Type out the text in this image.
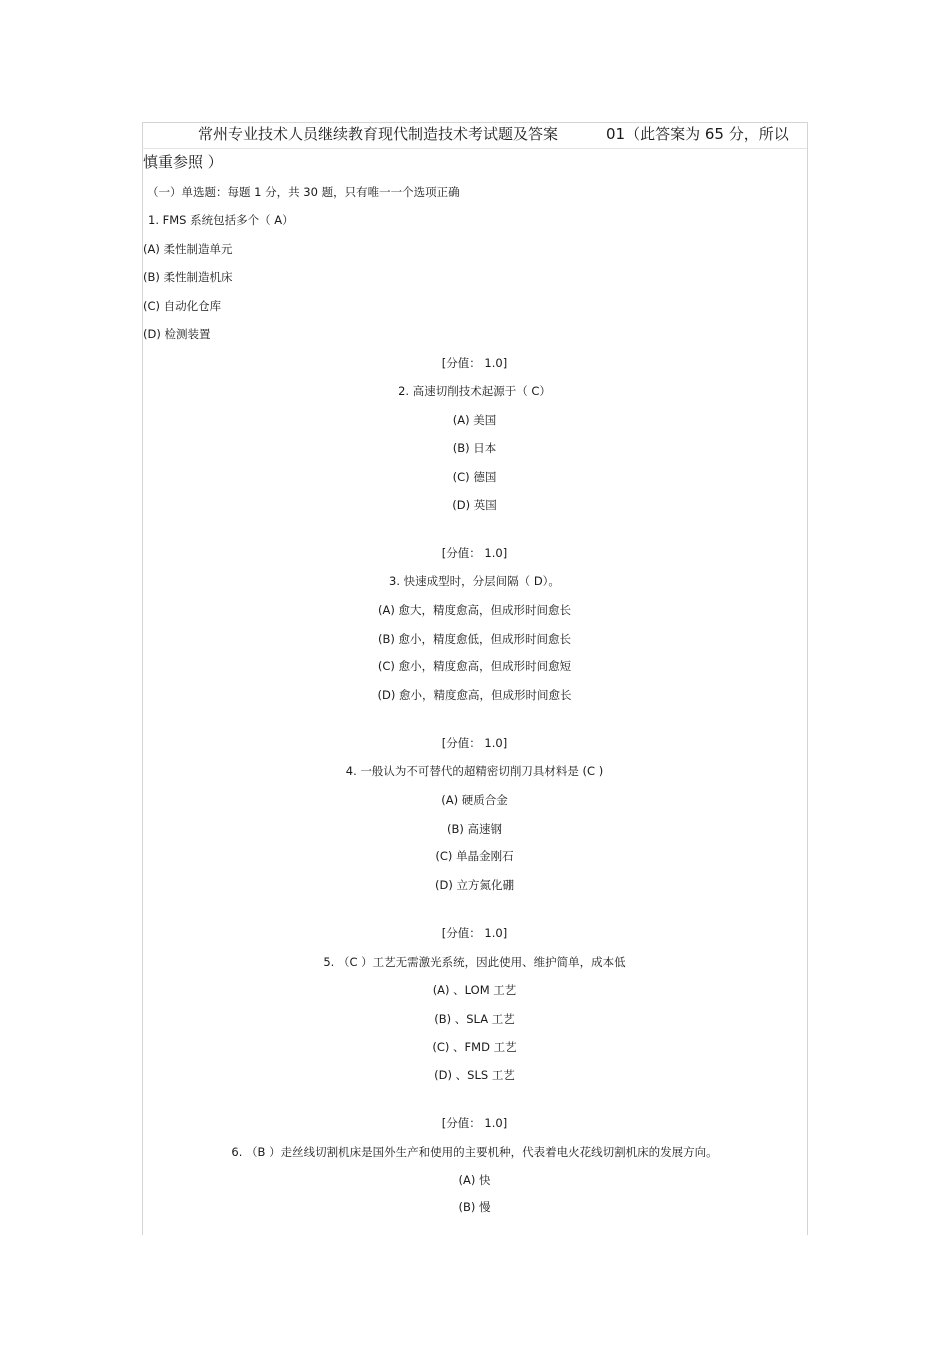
常州专业技术人员继续教育现代制造技术考试题及答案	01（此答案为 65 分，所以
慎重参照 ）
（一）单选题：每题 1 分，共 30 题，只有唯一一个选项正确
1. FMS 系统包括多个（ A）
(A) 柔性制造单元
(B) 柔性制造机床
(C) 自动化仓库
(D) 检测装置
[分值： 1.0]
2. 高速切削技术起源于（ C）
(A) 美国
(B) 日本
(C) 德国
(D) 英国
[分值： 1.0]
3. 快速成型时，分层间隔（ D）。
(A) 愈大，精度愈高，但成形时间愈长
(B) 愈小，精度愈低，但成形时间愈长
(C) 愈小，精度愈高，但成形时间愈短
(D) 愈小，精度愈高，但成形时间愈长
[分值： 1.0]
4. 一般认为不可替代的超精密切削刀具材料是 (C )
(A) 硬质合金
(B) 高速钢
(C) 单晶金刚石
(D) 立方氮化硼
[分值： 1.0]
5. （C ）工艺无需激光系统，因此使用、维护简单，成本低
(A) 、LOM 工艺
(B) 、SLA 工艺
(C) 、FMD 工艺
(D) 、SLS 工艺
[分值： 1.0]
6. （B ）走丝线切割机床是国外生产和使用的主要机种，代表着电火花线切割机床的发展方向。
(A) 快
(B) 慢
